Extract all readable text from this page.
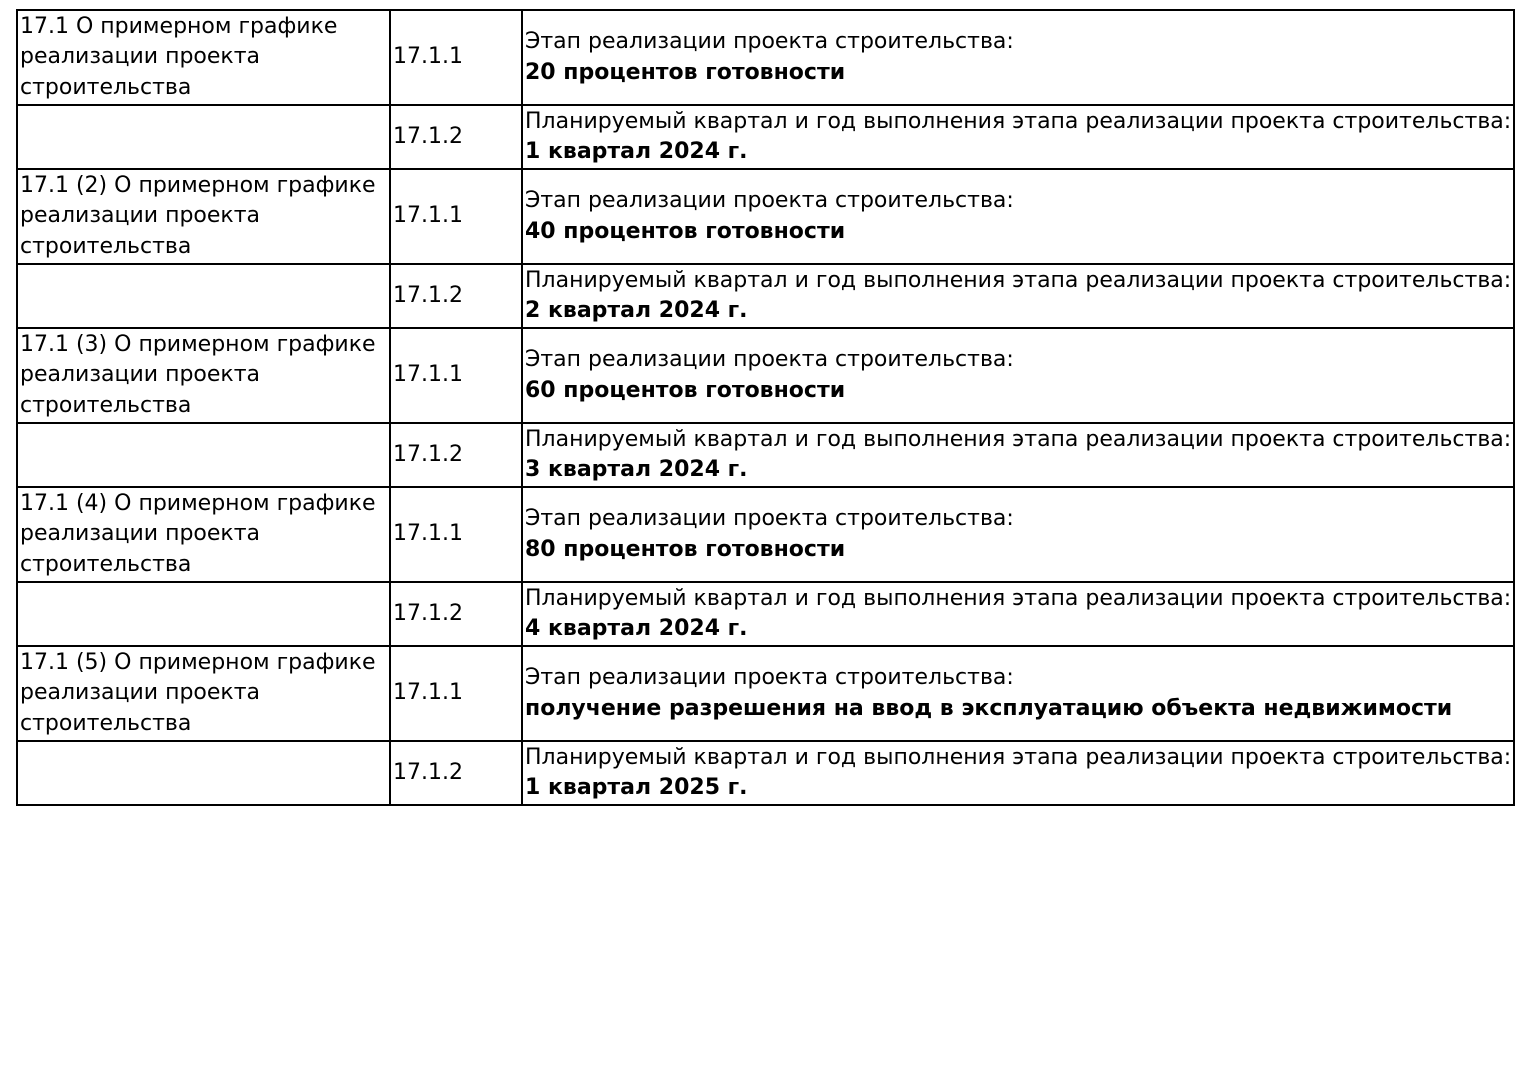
17.1 О примерном графике реализации проекта строительства	17.1.1	Этап реализации проекта строительства:
20 процентов готовности

	17.1.2	Планируемый квартал и год выполнения этапа реализации проекта строительства:
1 квартал 2024 г.

17.1 (2) О примерном графике реализации проекта строительства	17.1.1	Этап реализации проекта строительства:
40 процентов готовности

	17.1.2	Планируемый квартал и год выполнения этапа реализации проекта строительства:
2 квартал 2024 г.

17.1 (3) О примерном графике реализации проекта строительства	17.1.1	Этап реализации проекта строительства:
60 процентов готовности

	17.1.2	Планируемый квартал и год выполнения этапа реализации проекта строительства:
3 квартал 2024 г.

17.1 (4) О примерном графике реализации проекта строительства	17.1.1	Этап реализации проекта строительства:
80 процентов готовности

	17.1.2	Планируемый квартал и год выполнения этапа реализации проекта строительства:
4 квартал 2024 г.

17.1 (5) О примерном графике реализации проекта строительства	17.1.1	Этап реализации проекта строительства:
получение разрешения на ввод в эксплуатацию объекта недвижимости

	17.1.2	Планируемый квартал и год выполнения этапа реализации проекта строительства:
1 квартал 2025 г.
